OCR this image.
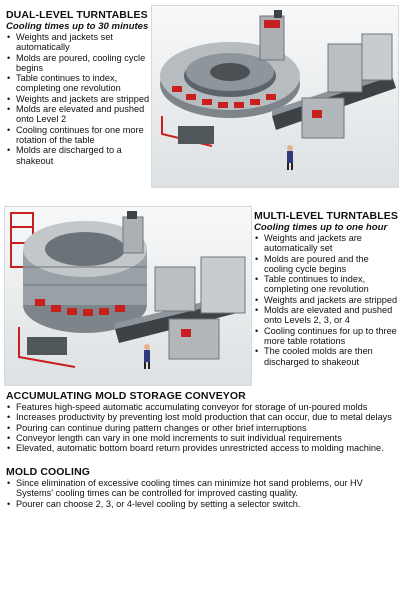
DUAL-LEVEL TURNTABLES
Cooling times up to 30 minutes
• Weights and jackets set automatically
• Molds are poured, cooling cycle begins
• Table continues to index, completing one revolution
• Weights and jackets are stripped
• Molds are elevated and pushed onto Level 2
• Cooling continues for one more rotation of the table
• Molds are discharged to a shakeout
MULTI-LEVEL TURNTABLES
Cooling times up to one hour
• Weights and jackets are automatically set
• Molds are poured and the cooling cycle begins
• Table continues to index, completing one revolution
• Weights and jackets are stripped
• Molds are elevated and pushed onto Levels 2, 3, or 4
• Cooling continues for up to three more table rotations
• The cooled molds are then discharged to shakeout
ACCUMULATING MOLD STORAGE CONVEYOR
• Features high-speed automatic accumulating conveyor for storage of un-poured molds
• Increases productivity by preventing lost mold production that can occur, due to metal delays
• Pouring can continue during pattern changes or other brief interruptions
• Conveyor length can vary in one mold increments to suit individual requirements
• Elevated, automatic bottom board return provides unrestricted access to molding machine.
MOLD COOLING
• Since elimination of excessive cooling times can minimize hot sand problems, our HV Systems' cooling times can be controlled for improved casting quality.
• Pourer can choose 2, 3, or 4-level cooling by setting a selector switch.
